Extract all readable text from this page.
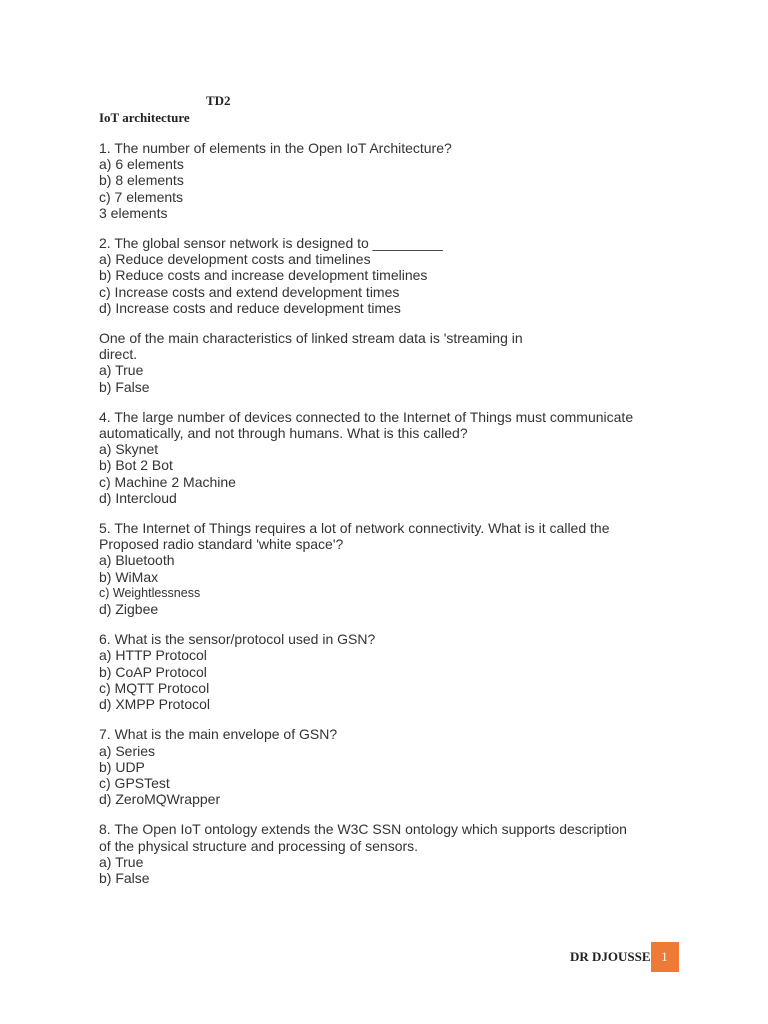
TD2
IoT architecture

1. The number of elements in the Open IoT Architecture?

a) 6 elements
b) 8 elements
c) 7 elements
3 elements

2. The global sensor network is designed to _________

a) Reduce development costs and timelines
b) Reduce costs and increase development timelines
c) Increase costs and extend development times
d) Increase costs and reduce development times

One of the main characteristics of linked stream data is 'streaming in

direct.

a) True
b) False

4. The large number of devices connected to the Internet of Things must communicate

automatically, and not through humans. What is this called?

a) Skynet
b) Bot 2 Bot
c) Machine 2 Machine
d) Intercloud

5. The Internet of Things requires a lot of network connectivity. What is it called the

Proposed radio standard 'white space'?

a) Bluetooth
b) WiMax
c) Weightlessness
d) Zigbee

6. What is the sensor/protocol used in GSN?

a) HTTP Protocol
b) CoAP Protocol
c) MQTT Protocol
d) XMPP Protocol

7. What is the main envelope of GSN?

a) Series
b) UDP
c) GPSTest
d) ZeroMQWrapper

8. The Open IoT ontology extends the W3C SSN ontology which supports description

of the physical structure and processing of sensors.

a) True
b) False
DR DJOUSSE 1
